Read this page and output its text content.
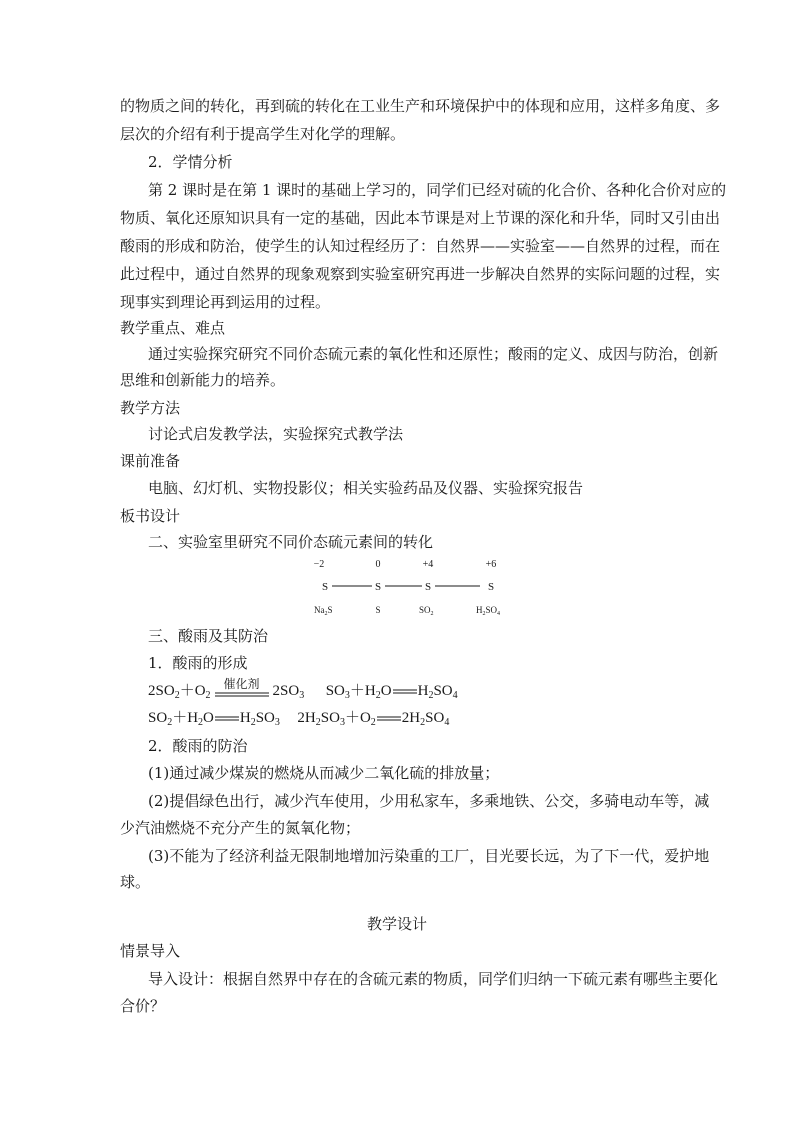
的物质之间的转化，再到硫的转化在工业生产和环境保护中的体现和应用，这样多角度、多
层次的介绍有利于提高学生对化学的理解。
2．学情分析
第 2 课时是在第 1 课时的基础上学习的，同学们已经对硫的化合价、各种化合价对应的
物质、氧化还原知识具有一定的基础，因此本节课是对上节课的深化和升华，同时又引由出
酸雨的形成和防治，使学生的认知过程经历了：自然界——实验室——自然界的过程，而在
此过程中，通过自然界的现象观察到实验室研究再进一步解决自然界的实际问题的过程，实
现事实到理论再到运用的过程。
教学重点、难点
通过实验探究研究不同价态硫元素的氧化性和还原性；酸雨的定义、成因与防治，创新
思维和创新能力的培养。
教学方法
讨论式启发教学法，实验探究式教学法
课前准备
电脑、幻灯机、实物投影仪；相关实验药品及仪器、实验探究报告
板书设计
二、实验室里研究不同价态硫元素间的转化
−2	0	+4	+6
S	S	S	S
$Na_2S$	S	$SO_2$	$H_2SO_4$
三、酸雨及其防治
1．酸雨的形成
$2SO_2+O_2$
催化剂 $2SO_3$ $SO_3+H_2O$ $H_2SO_4$
$SO_2+H_2O$ $H_2SO_3$ $2H_2SO_3+O_2$ $2H_2SO_4$
2．酸雨的防治
(1)通过减少煤炭的燃烧从而减少二氧化硫的排放量；
(2)提倡绿色出行，减少汽车使用，少用私家车，多乘地铁、公交，多骑电动车等，减
少汽油燃烧不充分产生的氮氧化物；
(3)不能为了经济利益无限制地增加污染重的工厂，目光要长远，为了下一代，爱护地
球。
教学设计
情景导入
导入设计：根据自然界中存在的含硫元素的物质，同学们归纳一下硫元素有哪些主要化
合价？
